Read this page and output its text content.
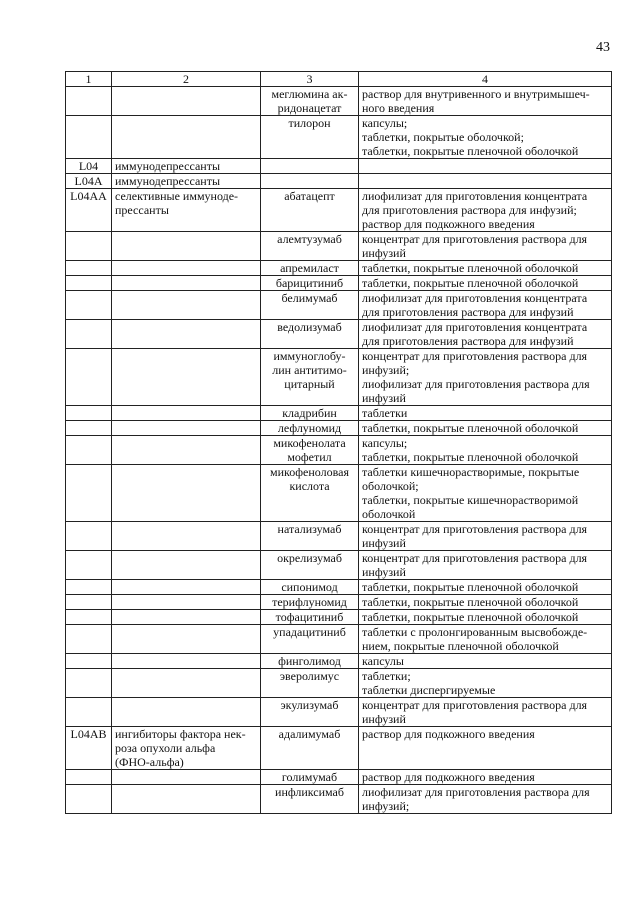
43
1	2	3	4
		меглюмина ак-
ридонацетат	раствор для внутривенного и внутримышеч-
ного введения
		тилорон	капсулы;
таблетки, покрытые оболочкой;
таблетки, покрытые пленочной оболочкой
L04	иммунодепрессанты		
L04A	иммунодепрессанты		
L04AA	селективные иммуноде-
прессанты	абатацепт	лиофилизат для приготовления концентрата
для приготовления раствора для инфузий;
раствор для подкожного введения
		алемтузумаб	концентрат для приготовления раствора для
инфузий
		апремиласт	таблетки, покрытые пленочной оболочкой
		барицитиниб	таблетки, покрытые пленочной оболочкой
		белимумаб	лиофилизат для приготовления концентрата
для приготовления раствора для инфузий
		ведолизумаб	лиофилизат для приготовления концентрата
для приготовления раствора для инфузий
		иммуноглобу-
лин антитимо-
цитарный	концентрат для приготовления раствора для
инфузий;
лиофилизат для приготовления раствора для
инфузий
		кладрибин	таблетки
		лефлуномид	таблетки, покрытые пленочной оболочкой
		микофенолата
мофетил	капсулы;
таблетки, покрытые пленочной оболочкой
		микофеноловая
кислота	таблетки кишечнорастворимые, покрытые
оболочкой;
таблетки, покрытые кишечнорастворимой
оболочкой
		натализумаб	концентрат для приготовления раствора для
инфузий
		окрелизумаб	концентрат для приготовления раствора для
инфузий
		сипонимод	таблетки, покрытые пленочной оболочкой
		терифлуномид	таблетки, покрытые пленочной оболочкой
		тофацитиниб	таблетки, покрытые пленочной оболочкой
		упадацитиниб	таблетки с пролонгированным высвобожде-
нием, покрытые пленочной оболочкой
		финголимод	капсулы
		эверолимус	таблетки;
таблетки диспергируемые
		экулизумаб	концентрат для приготовления раствора для
инфузий
L04AB	ингибиторы фактора нек-
роза опухоли альфа
(ФНО-альфа)	адалимумаб	раствор для подкожного введения
		голимумаб	раствор для подкожного введения
		инфликсимаб	лиофилизат для приготовления раствора для
инфузий;
